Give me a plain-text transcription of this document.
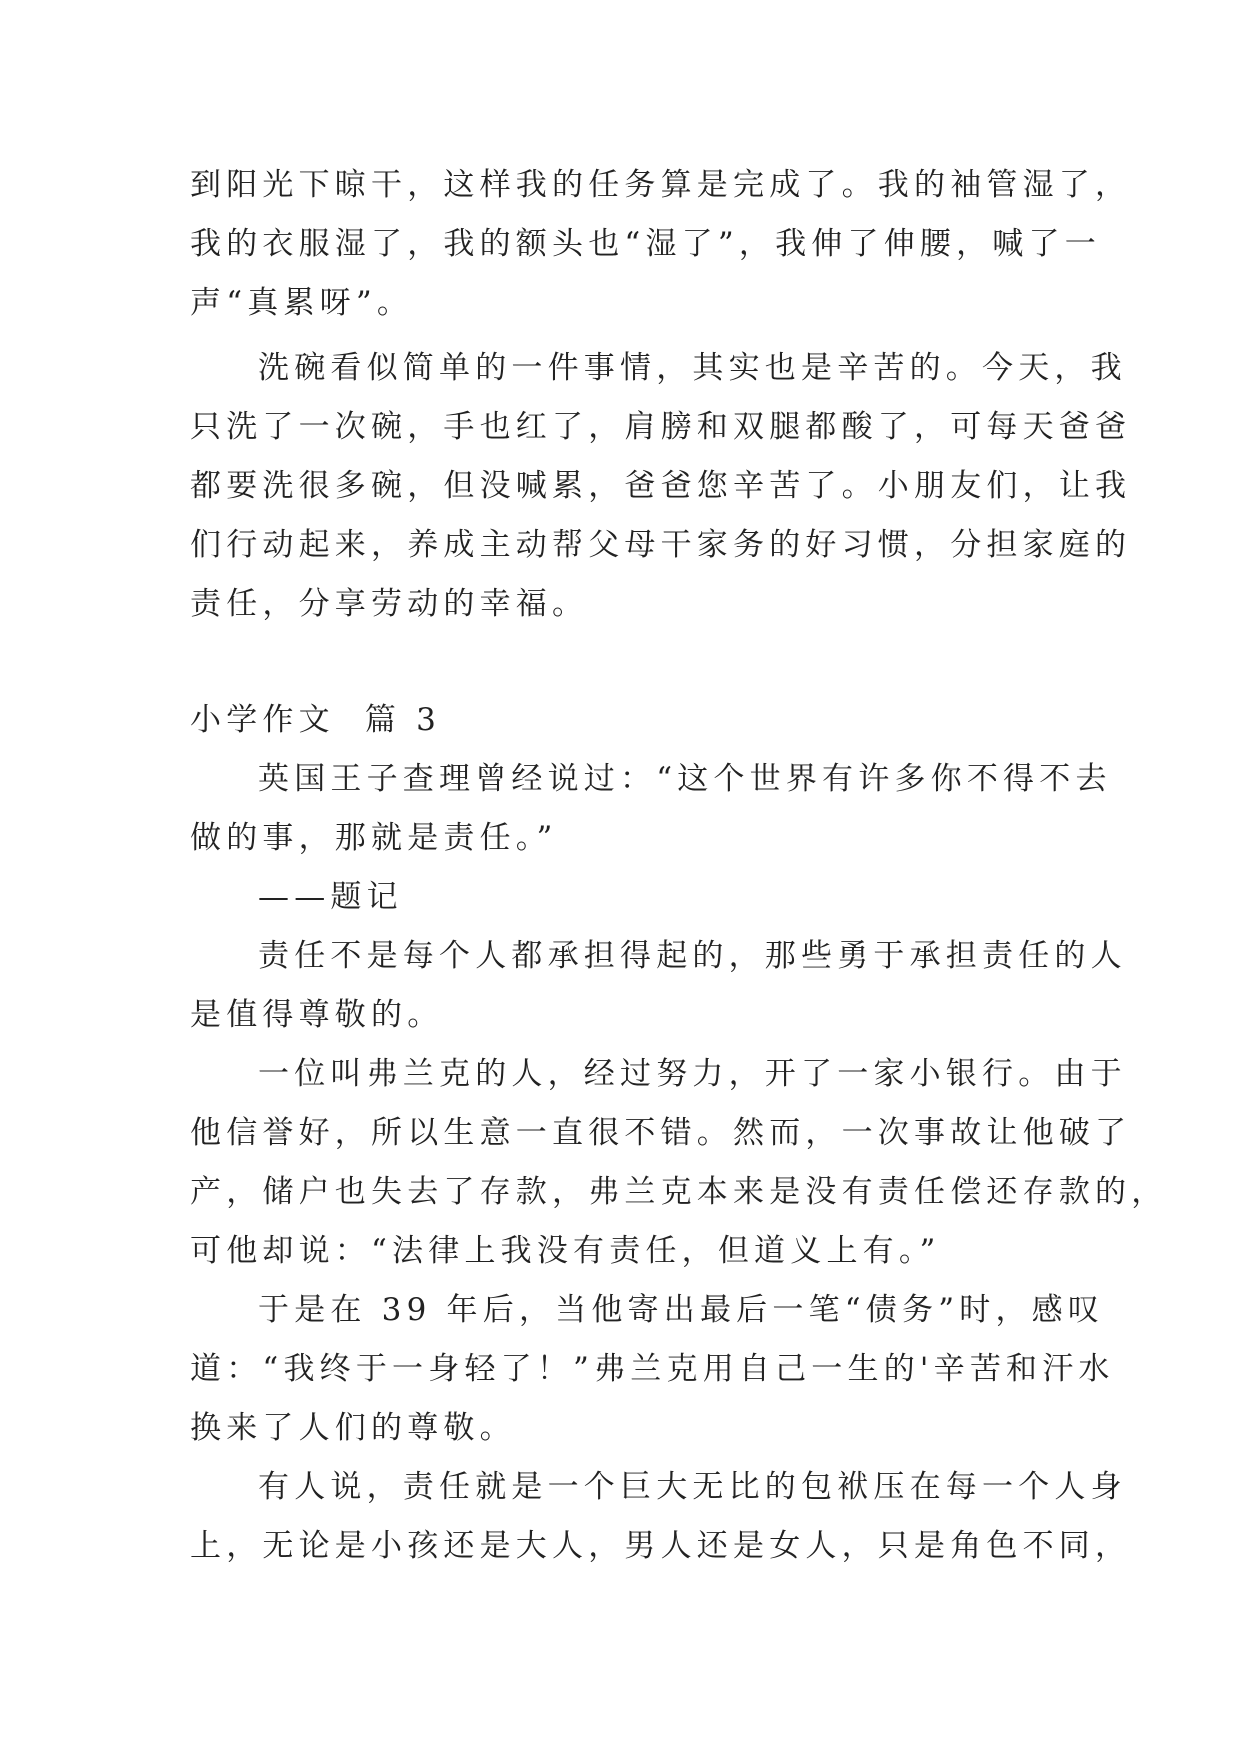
到阳光下晾干，这样我的任务算是完成了。我的袖管湿了，
我的衣服湿了，我的额头也“湿了”，我伸了伸腰，喊了一
声“真累呀”。
洗碗看似简单的一件事情，其实也是辛苦的。今天，我
只洗了一次碗，手也红了，肩膀和双腿都酸了，可每天爸爸
都要洗很多碗，但没喊累，爸爸您辛苦了。小朋友们，让我
们行动起来，养成主动帮父母干家务的好习惯，分担家庭的
责任，分享劳动的幸福。
小学作文  篇 3
英国王子查理曾经说过：“这个世界有许多你不得不去
做的事，那就是责任。”
——题记
责任不是每个人都承担得起的，那些勇于承担责任的人
是值得尊敬的。
一位叫弗兰克的人，经过努力，开了一家小银行。由于
他信誉好，所以生意一直很不错。然而，一次事故让他破了
产，储户也失去了存款，弗兰克本来是没有责任偿还存款的，
可他却说：“法律上我没有责任，但道义上有。”
于是在 39 年后，当他寄出最后一笔“债务”时，感叹
道：“我终于一身轻了！”弗兰克用自己一生的'辛苦和汗水
换来了人们的尊敬。
有人说，责任就是一个巨大无比的包袱压在每一个人身
上，无论是小孩还是大人，男人还是女人，只是角色不同，
